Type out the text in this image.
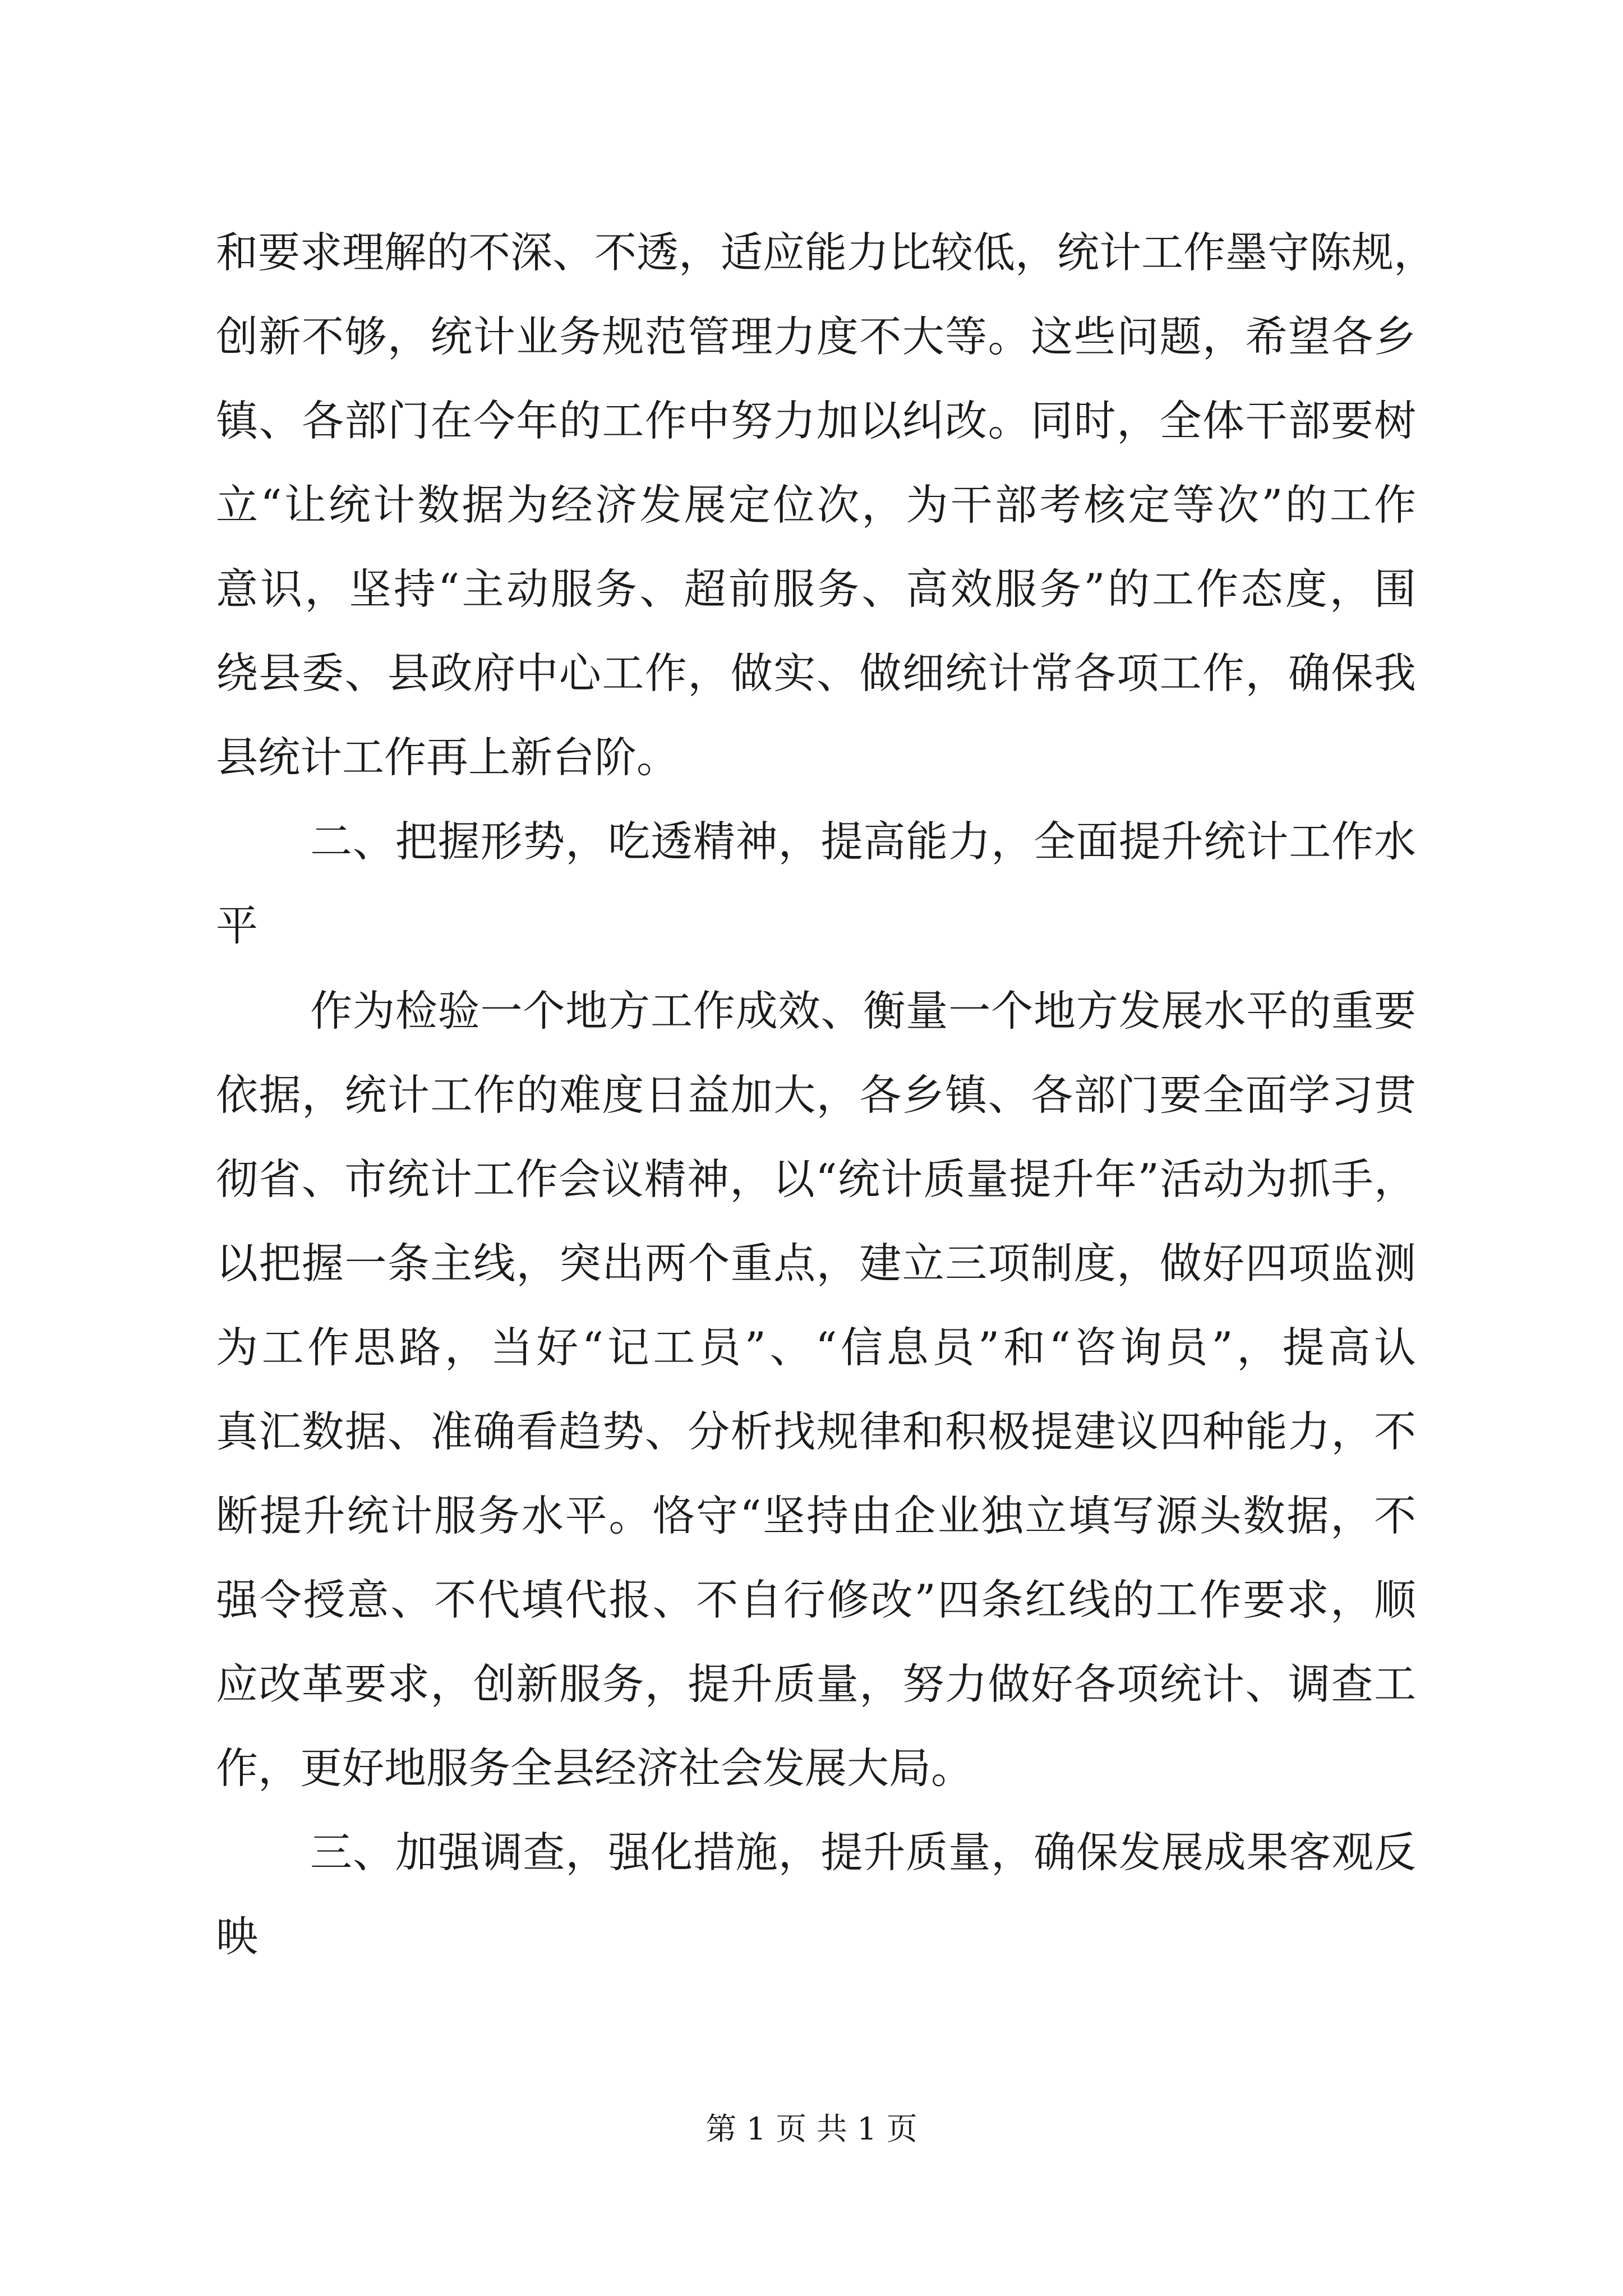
和要求理解的不深、不透，适应能力比较低，统计工作墨守陈规，
创新不够，统计业务规范管理力度不大等。这些问题，希望各乡
镇、各部门在今年的工作中努力加以纠改。同时，全体干部要树
立“让统计数据为经济发展定位次，为干部考核定等次”的工作
意识，坚持“主动服务、超前服务、高效服务”的工作态度，围
绕县委、县政府中心工作，做实、做细统计常各项工作，确保我
县统计工作再上新台阶。
二、把握形势，吃透精神，提高能力，全面提升统计工作水
平
作为检验一个地方工作成效、衡量一个地方发展水平的重要
依据，统计工作的难度日益加大，各乡镇、各部门要全面学习贯
彻省、市统计工作会议精神，以“统计质量提升年”活动为抓手，
以把握一条主线，突出两个重点，建立三项制度，做好四项监测
为工作思路，当好“记工员”、“信息员”和“咨询员”，提高认
真汇数据、准确看趋势、分析找规律和积极提建议四种能力，不
断提升统计服务水平。恪守“坚持由企业独立填写源头数据，不
强令授意、不代填代报、不自行修改”四条红线的工作要求，顺
应改革要求，创新服务，提升质量，努力做好各项统计、调查工
作，更好地服务全县经济社会发展大局。
三、加强调查，强化措施，提升质量，确保发展成果客观反
映
第 1 页 共 1 页
